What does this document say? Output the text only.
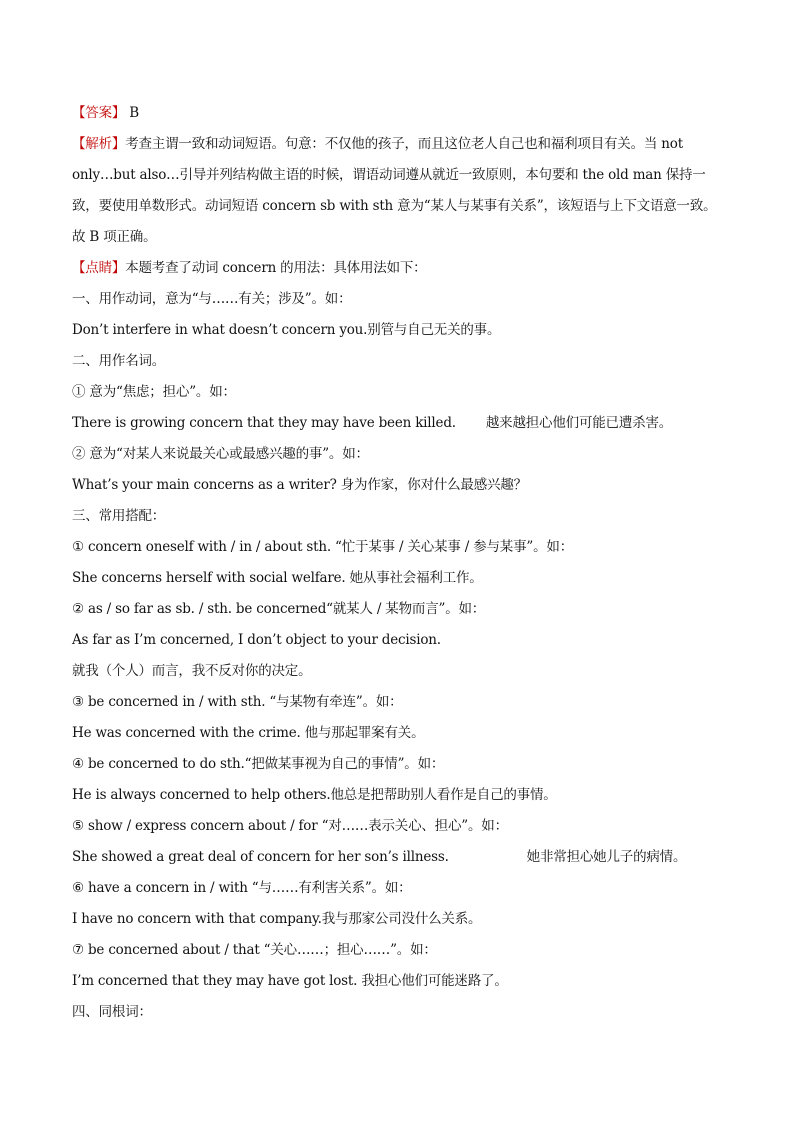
【答案】 B
【解析】考查主谓一致和动词短语。句意：不仅他的孩子，而且这位老人自己也和福利项目有关。当 not only…but also…引导并列结构做主语的时候，谓语动词遵从就近一致原则，本句要和 the old man 保持一致，要使用单数形式。动词短语 concern sb with sth 意为“某人与某事有关系”，该短语与上下文语意一致。故 B 项正确。
【点睛】本题考查了动词 concern 的用法：具体用法如下：
一、用作动词，意为“与……有关；涉及”。如：
Don’t interfere in what doesn’t concern you.别管与自己无关的事。
二、用作名词。
① 意为“焦虑；担心”。如：
There is growing concern that they may have been killed. 越来越担心他们可能已遭杀害。
② 意为“对某人来说最关心或最感兴趣的事”。如：
What’s your main concerns as a writer? 身为作家，你对什么最感兴趣？
三、常用搭配：
① concern oneself with / in / about sth. “忙于某事 / 关心某事 / 参与某事”。如：
She concerns herself with social welfare. 她从事社会福利工作。
② as / so far as sb. / sth. be concerned“就某人 / 某物而言”。如：
As far as I’m concerned, I don’t object to your decision.
就我（个人）而言，我不反对你的决定。
③ be concerned in / with sth. “与某物有牵连”。如：
He was concerned with the crime. 他与那起罪案有关。
④ be concerned to do sth.“把做某事视为自己的事情”。如：
He is always concerned to help others.他总是把帮助别人看作是自己的事情。
⑤ show / express concern about / for “对……表示关心、担心”。如：
She showed a great deal of concern for her son’s illness.	她非常担心她儿子的病情。
⑥ have a concern in / with “与……有利害关系”。如：
I have no concern with that company.我与那家公司没什么关系。
⑦ be concerned about / that “关心……；担心……”。如：
I’m concerned that they may have got lost. 我担心他们可能迷路了。
四、同根词：
